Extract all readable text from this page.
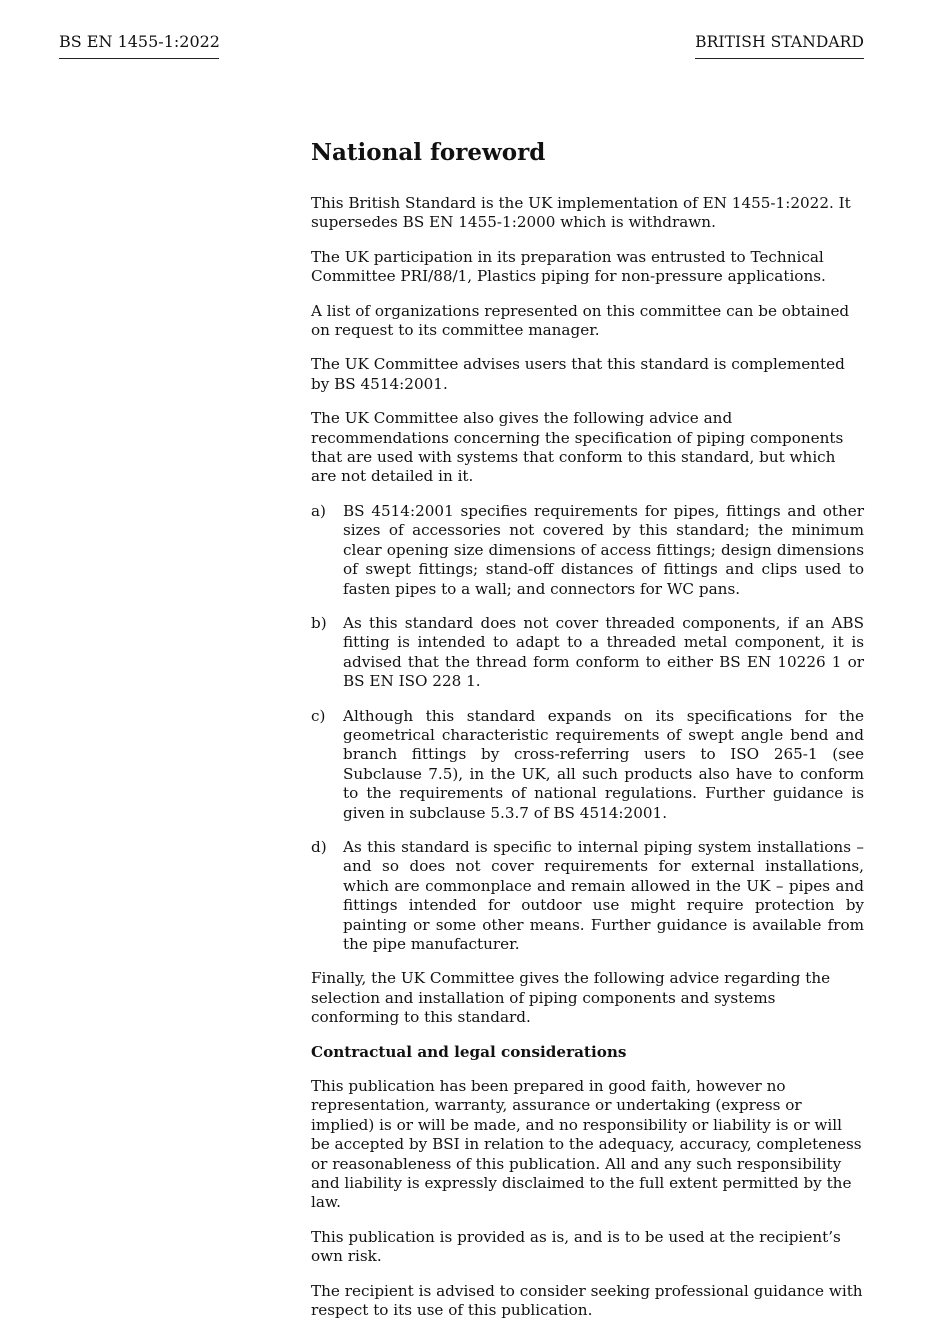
BS EN 1455-1:2022	BRITISH STANDARD
National foreword

This British Standard is the UK implementation of EN 1455-1:2022. It supersedes BS EN 1455-1:2000 which is withdrawn.

The UK participation in its preparation was entrusted to Technical Committee PRI/88/1, Plastics piping for non-pressure applications.

A list of organizations represented on this committee can be obtained on request to its committee manager.

The UK Committee advises users that this standard is complemented by BS 4514:2001.

The UK Committee also gives the following advice and recommendations concerning the specification of piping components that are used with systems that conform to this standard, but which are not detailed in it.

a)	BS 4514:2001 specifies requirements for pipes, fittings and other sizes of accessories not covered by this standard; the minimum clear opening size dimensions of access fittings; design dimensions of swept fittings; stand-off distances of fittings and clips used to fasten pipes to a wall; and connectors for WC pans.
b)	As this standard does not cover threaded components, if an ABS fitting is intended to adapt to a threaded metal component, it is advised that the thread form conform to either BS EN 10226 1 or BS EN ISO 228 1.
c)	Although this standard expands on its specifications for the geometrical characteristic requirements of swept angle bend and branch fittings by cross-referring users to ISO 265-1 (see Subclause 7.5), in the UK, all such products also have to conform to the requirements of national regulations. Further guidance is given in subclause 5.3.7 of BS 4514:2001.
d)	As this standard is specific to internal piping system installations – and so does not cover requirements for external installations, which are commonplace and remain allowed in the UK – pipes and fittings intended for outdoor use might require protection by painting or some other means. Further guidance is available from the pipe manufacturer.

Finally, the UK Committee gives the following advice regarding the selection and installation of piping components and systems conforming to this standard.

Contractual and legal considerations

This publication has been prepared in good faith, however no representation, warranty, assurance or undertaking (express or implied) is or will be made, and no responsibility or liability is or will be accepted by BSI in relation to the adequacy, accuracy, completeness or reasonableness of this publication. All and any such responsibility and liability is expressly disclaimed to the full extent permitted by the law.

This publication is provided as is, and is to be used at the recipient’s own risk.

The recipient is advised to consider seeking professional guidance with respect to its use of this publication.
